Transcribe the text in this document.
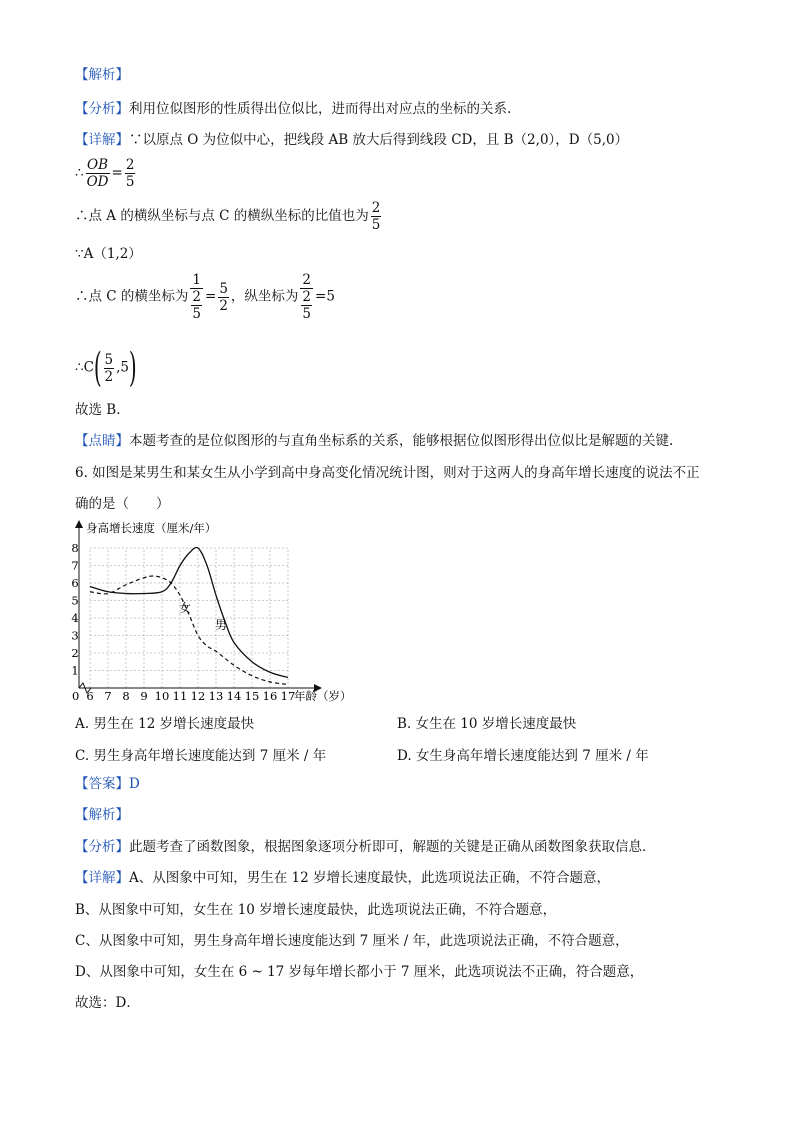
【解析】
【分析】利用位似图形的性质得出位似比，进而得出对应点的坐标的关系.
【详解】∵以原点 O 为位似中心，把线段 AB 放大后得到线段 CD，且 B（2,0），D（5,0）
∴ $\frac{OB}{OD} = \frac{2}{5}$
∴点 A 的横纵坐标与点 C 的横纵坐标的比值也为 $\frac{2}{5}$
∵A（1,2）
∴点 C 的横坐标为 $\frac{1}{\frac{2}{5}} = \frac{5}{2}$ ，纵坐标为 $\frac{2}{\frac{2}{5}} =5$
∴C( $\frac{5}{2} ,5$)
故选 B.
【点睛】本题考查的是位似图形的与直角坐标系的关系，能够根据位似图形得出位似比是解题的关键.
6. 如图是某男生和某女生从小学到高中身高变化情况统计图，则对于这两人的身高年增长速度的说法不正
确的是（　　）
身高增长速度（厘米/年）
年龄（岁）
0 6 7 8 9 10 11 12 13 14 15 16 17
1
2
3
4
5
6
7
8
女
男
A. 男生在 12 岁增长速度最快	B. 女生在 10 岁增长速度最快
C. 男生身高年增长速度能达到 7 厘米 / 年	D. 女生身高年增长速度能达到 7 厘米 / 年
【答案】D
【解析】
【分析】此题考查了函数图象，根据图象逐项分析即可，解题的关键是正确从函数图象获取信息．
【详解】A、从图象中可知，男生在 12 岁增长速度最快，此选项说法正确，不符合题意，
B、从图象中可知，女生在 10 岁增长速度最快，此选项说法正确，不符合题意，
C、从图象中可知，男生身高年增长速度能达到 7 厘米 / 年，此选项说法正确，不符合题意，
D、从图象中可知，女生在 6 ~ 17 岁每年增长都小于 7 厘米，此选项说法不正确，符合题意，
故选：D．
